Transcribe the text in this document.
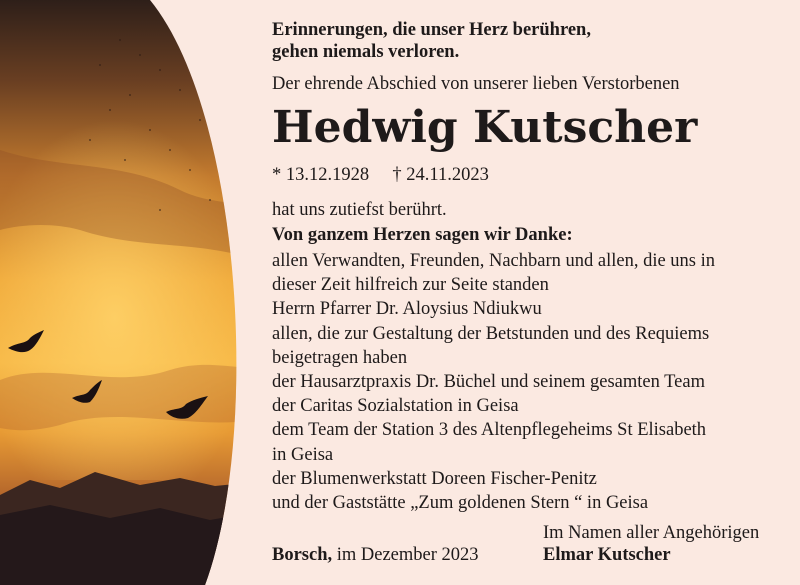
Erinnerungen, die unser Herz berühren,
gehen niemals verloren.
Der ehrende Abschied von unserer lieben Verstorbenen
Hedwig Kutscher
* 13.12.1928 † 24.11.2023
hat uns zutiefst berührt.
Von ganzem Herzen sagen wir Danke:
allen Verwandten, Freunden, Nachbarn und allen, die uns in
dieser Zeit hilfreich zur Seite standen
Herrn Pfarrer Dr. Aloysius Ndiukwu
allen, die zur Gestaltung der Betstunden und des Requiems
beigetragen haben
der Hausarztpraxis Dr. Büchel und seinem gesamten Team
der Caritas Sozialstation in Geisa
dem Team der Station 3 des Altenpflegeheims St Elisabeth
in Geisa
der Blumenwerkstatt Doreen Fischer-Penitz
und der Gaststätte „Zum goldenen Stern “ in Geisa
Borsch, im Dezember 2023
Im Namen aller Angehörigen
Elmar Kutscher
